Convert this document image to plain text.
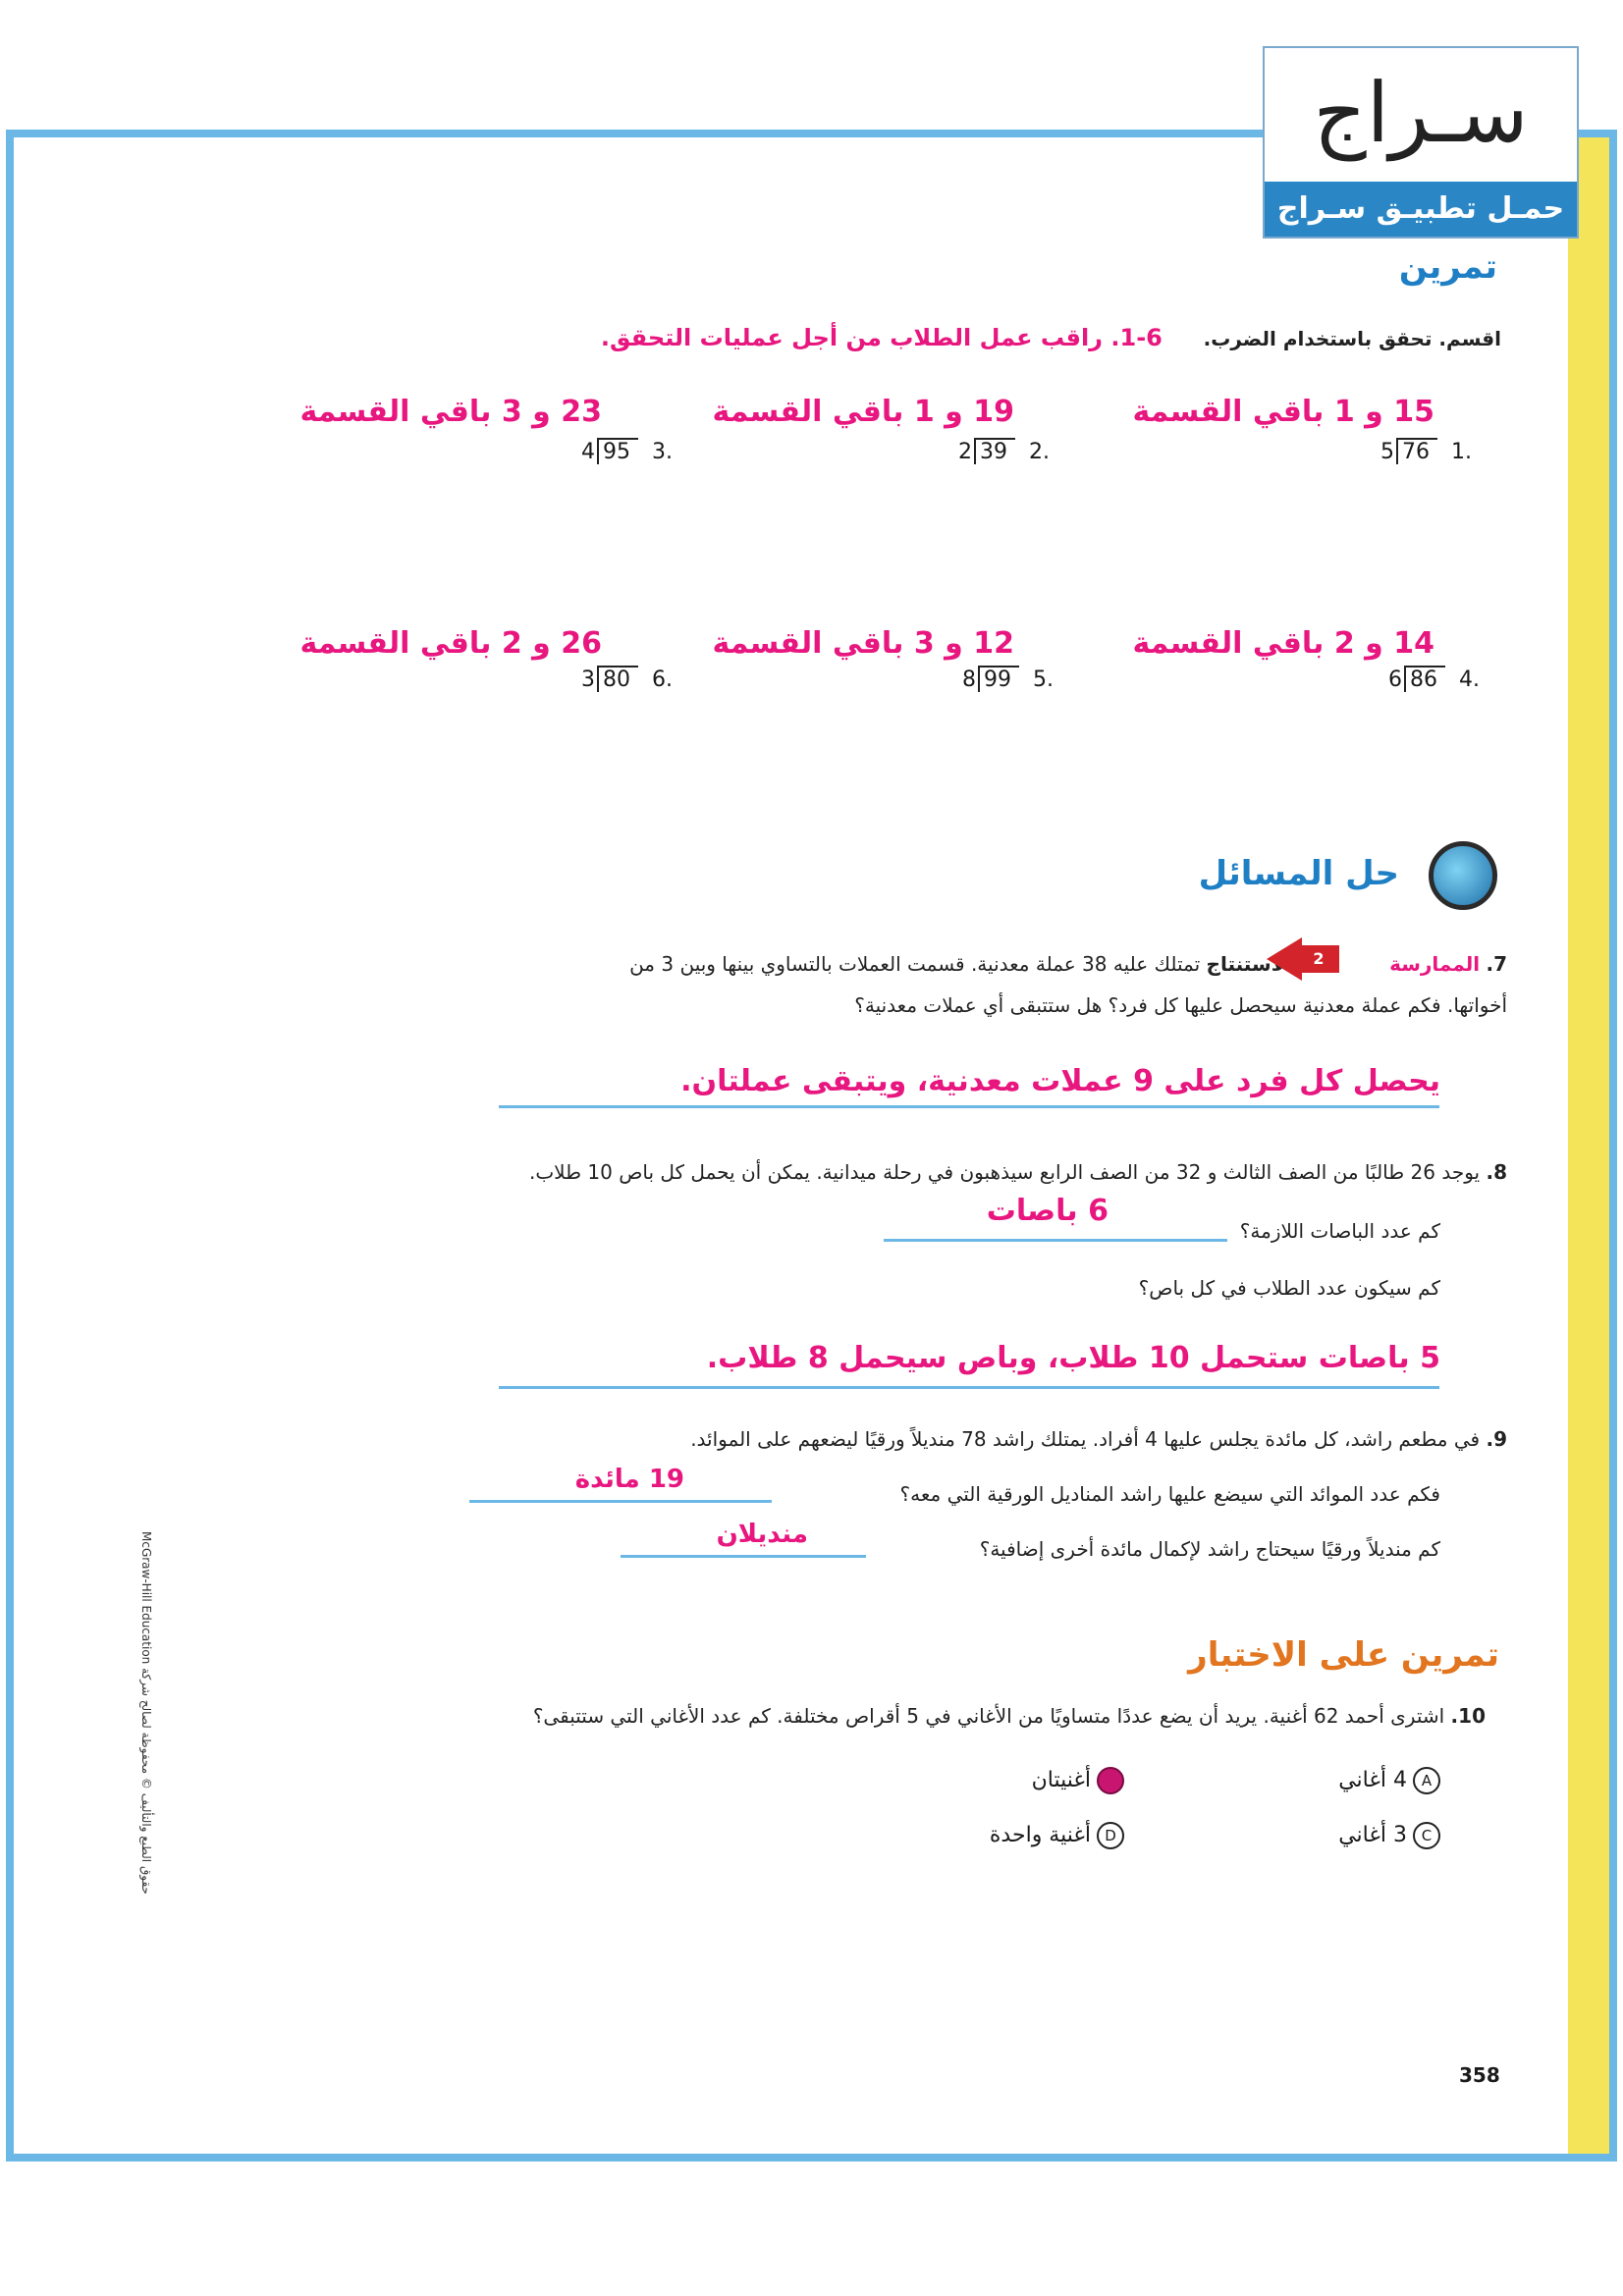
سـراج
حمـل تطبيـق سـراج
تمرين
اقسم. تحقق باستخدام الضرب.     6-1. راقب عمل الطلاب من أجل عمليات التحقق.
15 و 1 باقي القسمة
5 76 1.
19 و 1 باقي القسمة
2 39 2.
23 و 3 باقي القسمة
4 95 3.
14 و 2 باقي القسمة
6 86 4.
12 و 3 باقي القسمة
8 99 5.
26 و 2 باقي القسمة
3 80 6.
حل المسائل
7. الممارسة  الاستنتاج تمتلك عليه 38 عملة معدنية. قسمت العملات بالتساوي بينها وبين 3 من	2
أخواتها. فكم عملة معدنية سيحصل عليها كل فرد؟ هل ستتبقى أي عملات معدنية؟
يحصل كل فرد على 9 عملات معدنية، ويتبقى عملتان.
8. يوجد 26 طالبًا من الصف الثالث و 32 من الصف الرابع سيذهبون في رحلة ميدانية. يمكن أن يحمل كل باص 10 طلاب.
كم عدد الباصات اللازمة؟
6 باصات
كم سيكون عدد الطلاب في كل باص؟
5 باصات ستحمل 10 طلاب، وباص سيحمل 8 طلاب.
9. في مطعم راشد، كل مائدة يجلس عليها 4 أفراد. يمتلك راشد 78 منديلاً ورقيًا ليضعهم على الموائد.
فكم عدد الموائد التي سيضع عليها راشد المناديل الورقية التي معه؟
19 مائدة
كم منديلاً ورقيًا سيحتاج راشد لإكمال مائدة أخرى إضافية؟
منديلان
تمرين على الاختبار
10. اشترى أحمد 62 أغنية. يريد أن يضع عددًا متساويًا من الأغاني في 5 أقراص مختلفة. كم عدد الأغاني التي ستتبقى؟
A4 أغاني
أغنيتان
C3 أغاني
Dأغنية واحدة
McGraw-Hill Education حقوق الطبع والتأليف © محفوظة لصالح شركة
358
